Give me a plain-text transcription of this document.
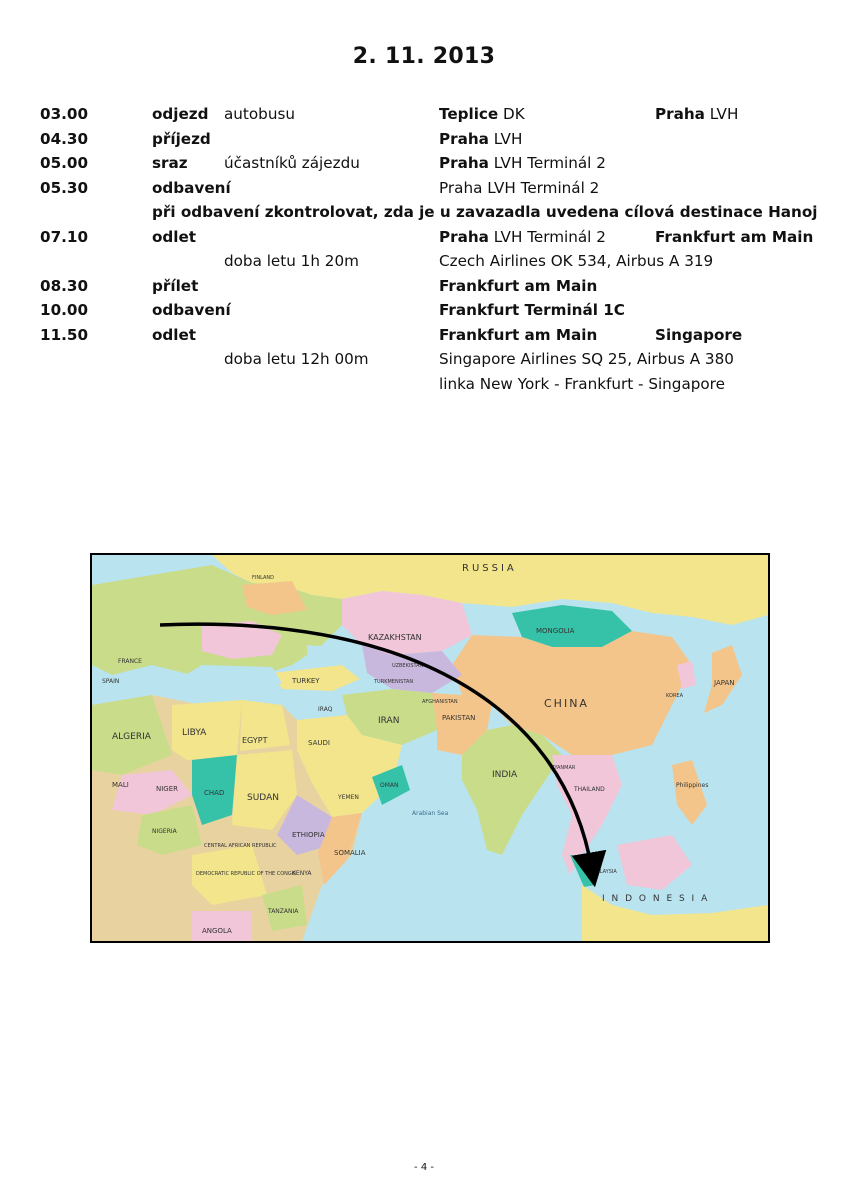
2. 11. 2013
03.00	odjezd autobusu	Teplice DK	Praha LVH
04.30	příjezd	Praha LVH
05.00	sraz účastníků zájezdu	Praha LVH Terminál 2
05.30	odbavení	Praha LVH Terminál 2
při odbavení zkontrolovat, zda je u zavazadla uvedena cílová destinace Hanoj
07.10	odlet	Praha LVH Terminál 2	Frankfurt am Main
doba letu 1h 20m	Czech Airlines OK 534, Airbus A 319
08.30	přílet	Frankfurt am Main
10.00	odbavení	Frankfurt Terminál 1C
11.50	odlet	Frankfurt am Main	Singapore
doba letu 12h 00m	Singapore Airlines SQ 25, Airbus A 380
linka New York - Frankfurt - Singapore
RUSSIA
KAZAKHSTAN
MONGOLIA
CHINA
INDIA
IRAN
TURKEY
ALGERIA	LIBYA
EGYPT
SUDAN
CHAD
NIGER
MALI
ETHIOPIA
SAUDI
SOMALIA
PAKISTAN
AFGHANISTAN
JAPAN
I N D O N E S I A
DEMOCRATIC REPUBLIC OF THE CONGO
TANZANIA
ANGOLA
IRAQ
Philippines
THAILAND
YEMEN
OMAN
NIGERIA
KENYA
CENTRAL AFRICAN REPUBLIC
MALAYSIA
FRANCE
SPAIN
KOREA
Arabian Sea
FINLAND
UZBEKISTAN
TURKMENISTAN
MYANMAR
- 4 -
